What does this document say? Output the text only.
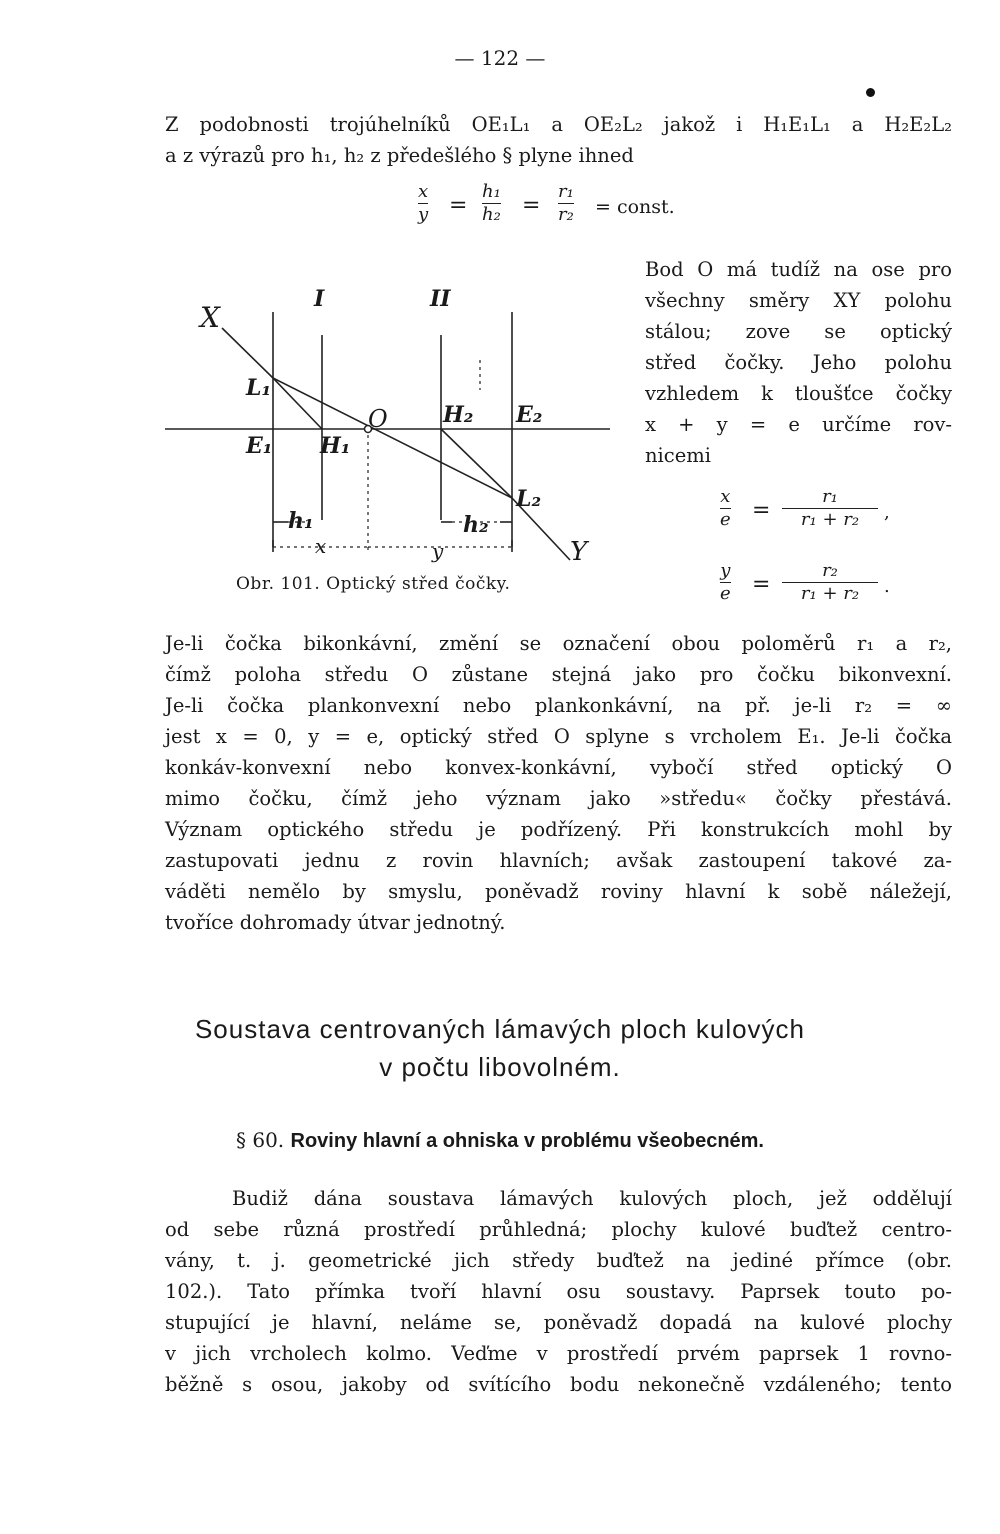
— 122 —
Z podobnosti trojúhelníků OE₁L₁ a OE₂L₂ jakož i H₁E₁L₁ a H₂E₂L₂
a z výrazů pro h₁, h₂ z předešlého § plyne ihned
x
y =
h₁
h₂ =
r₁
r₂ = const.
X
I	II
L₁
O	H₂ E₂
E₁ H₁
L₂
h₁	h₂
x	y	Y
Obr. 101. Optický střed čočky.
Bod O má tudíž na ose pro
všechny směry XY polohu
stálou; zove se optický
střed čočky. Jeho polohu
vzhledem k tloušťce čočky
x + y = e určíme rov-
nicemi
x
e =
r₁
r₁ + r₂ ,
y
e =
r₂
r₁ + r₂ .
Je-li čočka bikonkávní, změní se označení obou poloměrů r₁ a r₂,
čímž poloha středu O zůstane stejná jako pro čočku bikonvexní.
Je-li čočka plankonvexní nebo plankonkávní, na př. je-li r₂ = ∞
jest x = 0, y = e, optický střed O splyne s vrcholem E₁. Je-li čočka
konkáv-konvexní nebo konvex-konkávní, vybočí střed optický O
mimo čočku, čímž jeho význam jako »středu« čočky přestává.
Význam optického středu je podřízený. Při konstrukcích mohl by
zastupovati jednu z rovin hlavních; avšak zastoupení takové za-
váděti nemělo by smyslu, poněvadž roviny hlavní k sobě náležejí,
tvoříce dohromady útvar jednotný.
Soustava centrovaných lámavých ploch kulových
v počtu libovolném.
§ 60. Roviny hlavní a ohniska v problému všeobecném.
Budiž dána soustava lámavých kulových ploch, jež oddělují
od sebe různá prostředí průhledná; plochy kulové buďtež centro-
vány, t. j. geometrické jich středy buďtež na jediné přímce (obr.
102.). Tato přímka tvoří hlavní osu soustavy. Paprsek touto po-
stupující je hlavní, neláme se, poněvadž dopadá na kulové plochy
v jich vrcholech kolmo. Veďme v prostředí prvém paprsek 1 rovno-
běžně s osou, jakoby od svítícího bodu nekonečně vzdáleného; tento
